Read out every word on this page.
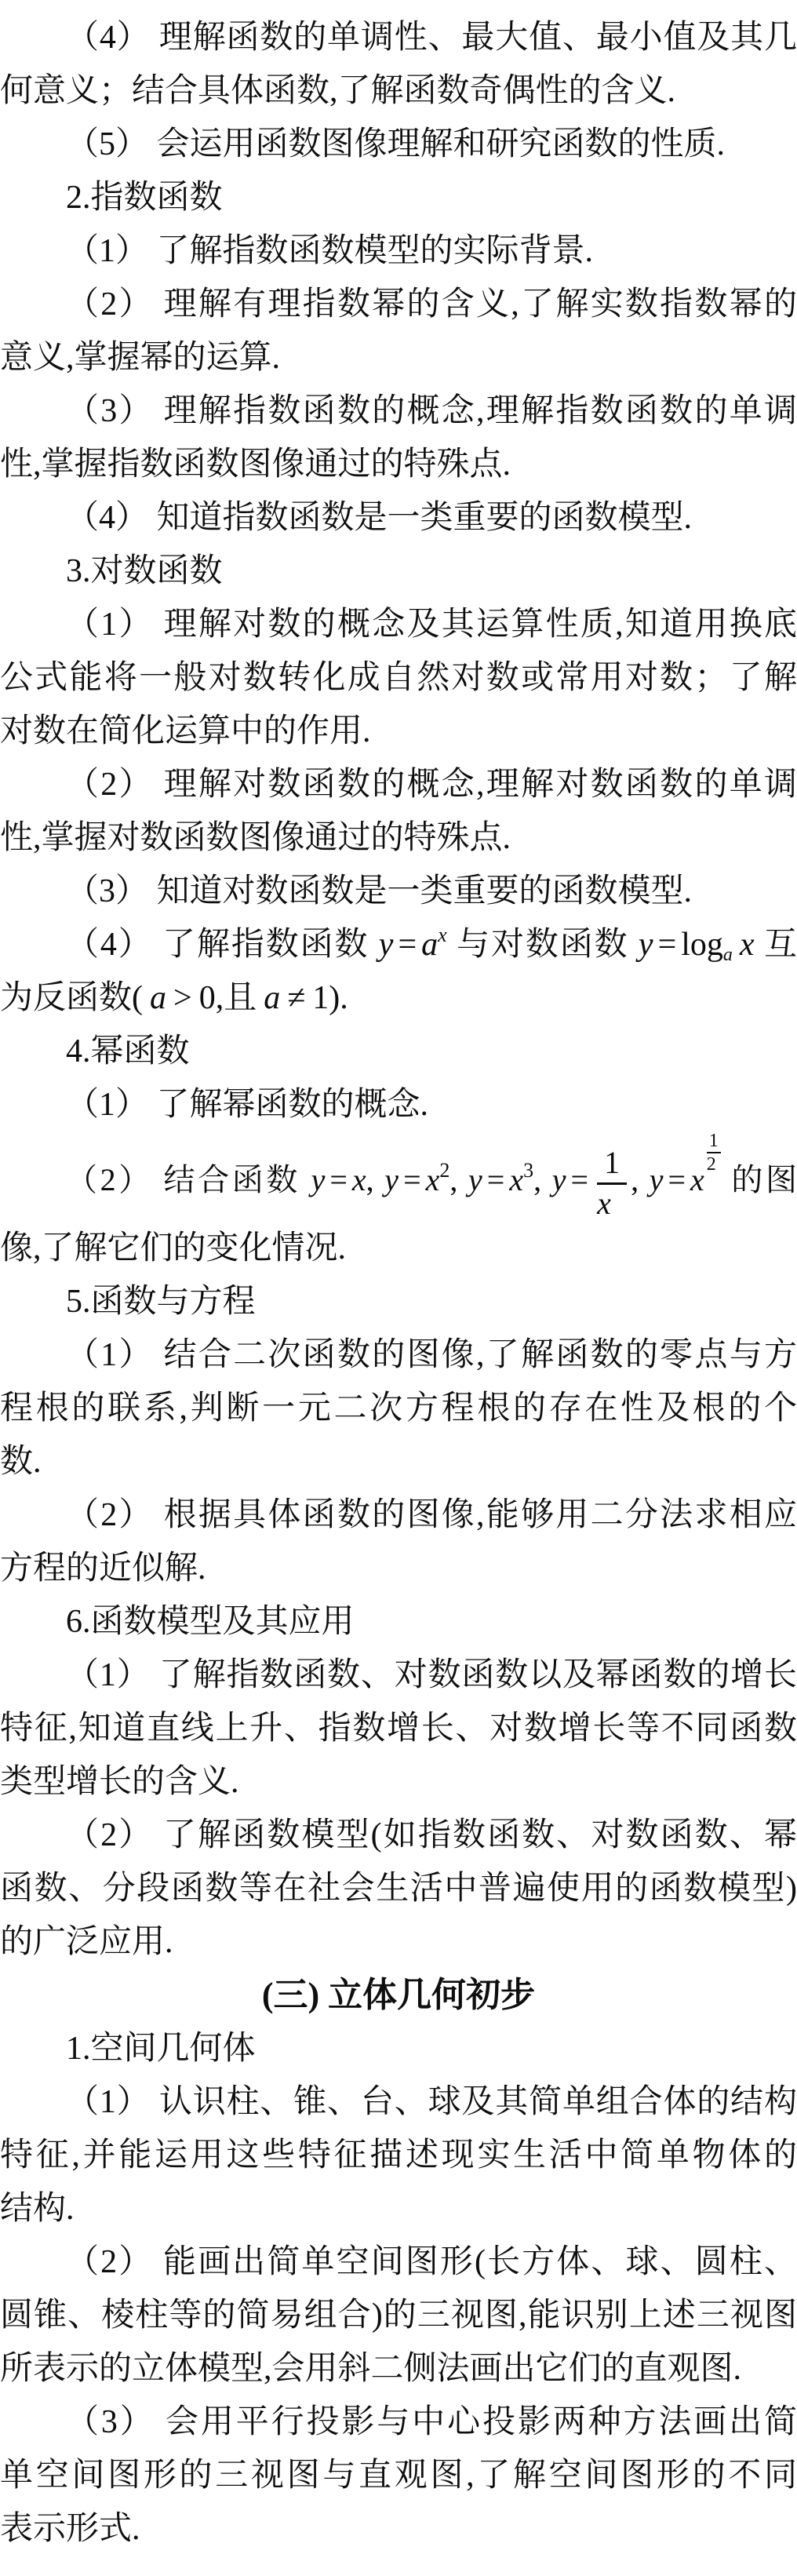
（4） 理解函数的单调性、最大值、最小值及其几
何意义；结合具体函数,了解函数奇偶性的含义.
（5） 会运用函数图像理解和研究函数的性质.
2.指数函数
（1） 了解指数函数模型的实际背景.
（2） 理解有理指数幂的含义,了解实数指数幂的
意义,掌握幂的运算.
（3） 理解指数函数的概念,理解指数函数的单调
性,掌握指数函数图像通过的特殊点.
（4） 知道指数函数是一类重要的函数模型.
3.对数函数
（1） 理解对数的概念及其运算性质,知道用换底
公式能将一般对数转化成自然对数或常用对数；了解
对数在简化运算中的作用.
（2） 理解对数函数的概念,理解对数函数的单调
性,掌握对数函数图像通过的特殊点.
（3） 知道对数函数是一类重要的函数模型.
（4） 了解指数函数 $y = a^x$ 与对数函数 y = loga x 互
为反函数( a > 0,且 a ≠ 1).
4.幂函数
（1） 了解幂函数的概念.
（2） 结合函数 y = x, $y = x^2$, $y = x^3$, $y = \frac{1}{x}$ , y = x
$\frac{1}{2}$
的图
像,了解它们的变化情况.
5.函数与方程
（1） 结合二次函数的图像,了解函数的零点与方
程根的联系,判断一元二次方程根的存在性及根的个
数.
（2） 根据具体函数的图像,能够用二分法求相应
方程的近似解.
6.函数模型及其应用
（1） 了解指数函数、对数函数以及幂函数的增长
特征,知道直线上升、指数增长、对数增长等不同函数
类型增长的含义.
（2） 了解函数模型(如指数函数、对数函数、幂
函数、分段函数等在社会生活中普遍使用的函数模型)
的广泛应用.
(三) 立体几何初步
1.空间几何体
（1） 认识柱、锥、台、球及其简单组合体的结构
特征,并能运用这些特征描述现实生活中简单物体的
结构.
（2） 能画出简单空间图形(长方体、球、圆柱、
圆锥、棱柱等的简易组合)的三视图,能识别上述三视图
所表示的立体模型,会用斜二侧法画出它们的直观图.
（3） 会用平行投影与中心投影两种方法画出简
单空间图形的三视图与直观图,了解空间图形的不同
表示形式.
